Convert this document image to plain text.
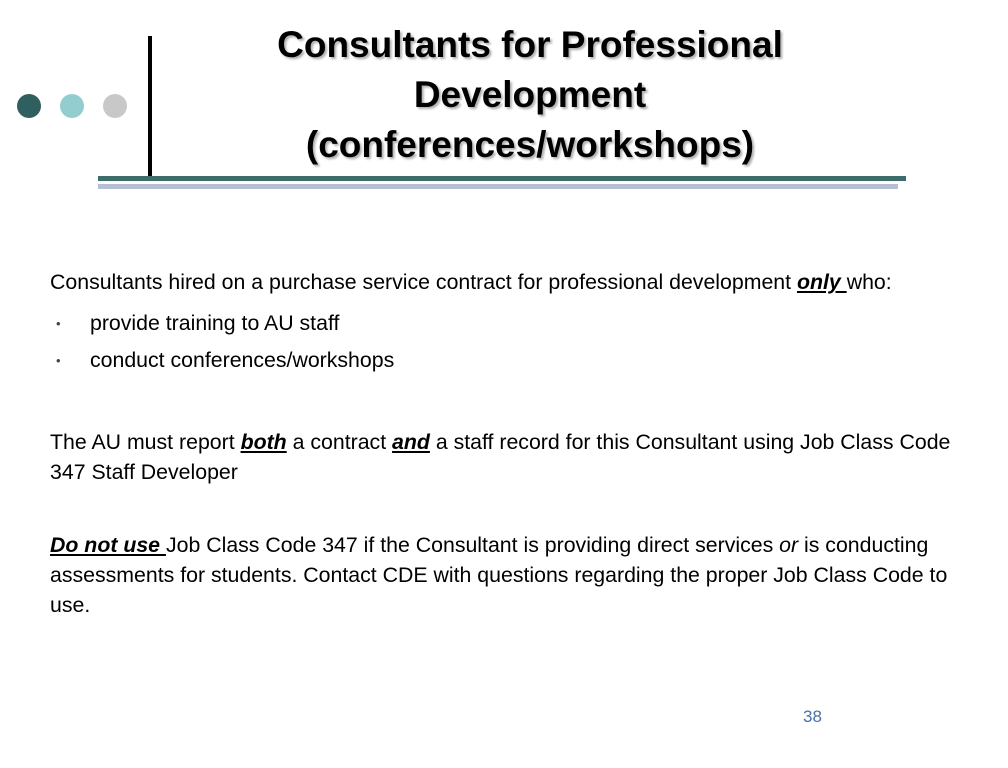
Consultants for Professional
Development
(conferences/workshops)

Consultants hired on a purchase service contract for professional development only who:

• provide training to AU staff
• conduct conferences/workshops

The AU must report both a contract and a staff record for this Consultant using Job Class Code 347 Staff Developer

Do not use Job Class Code 347 if the Consultant is providing direct services or is conducting assessments for students. Contact CDE with questions regarding the proper Job Class Code to use.

38
